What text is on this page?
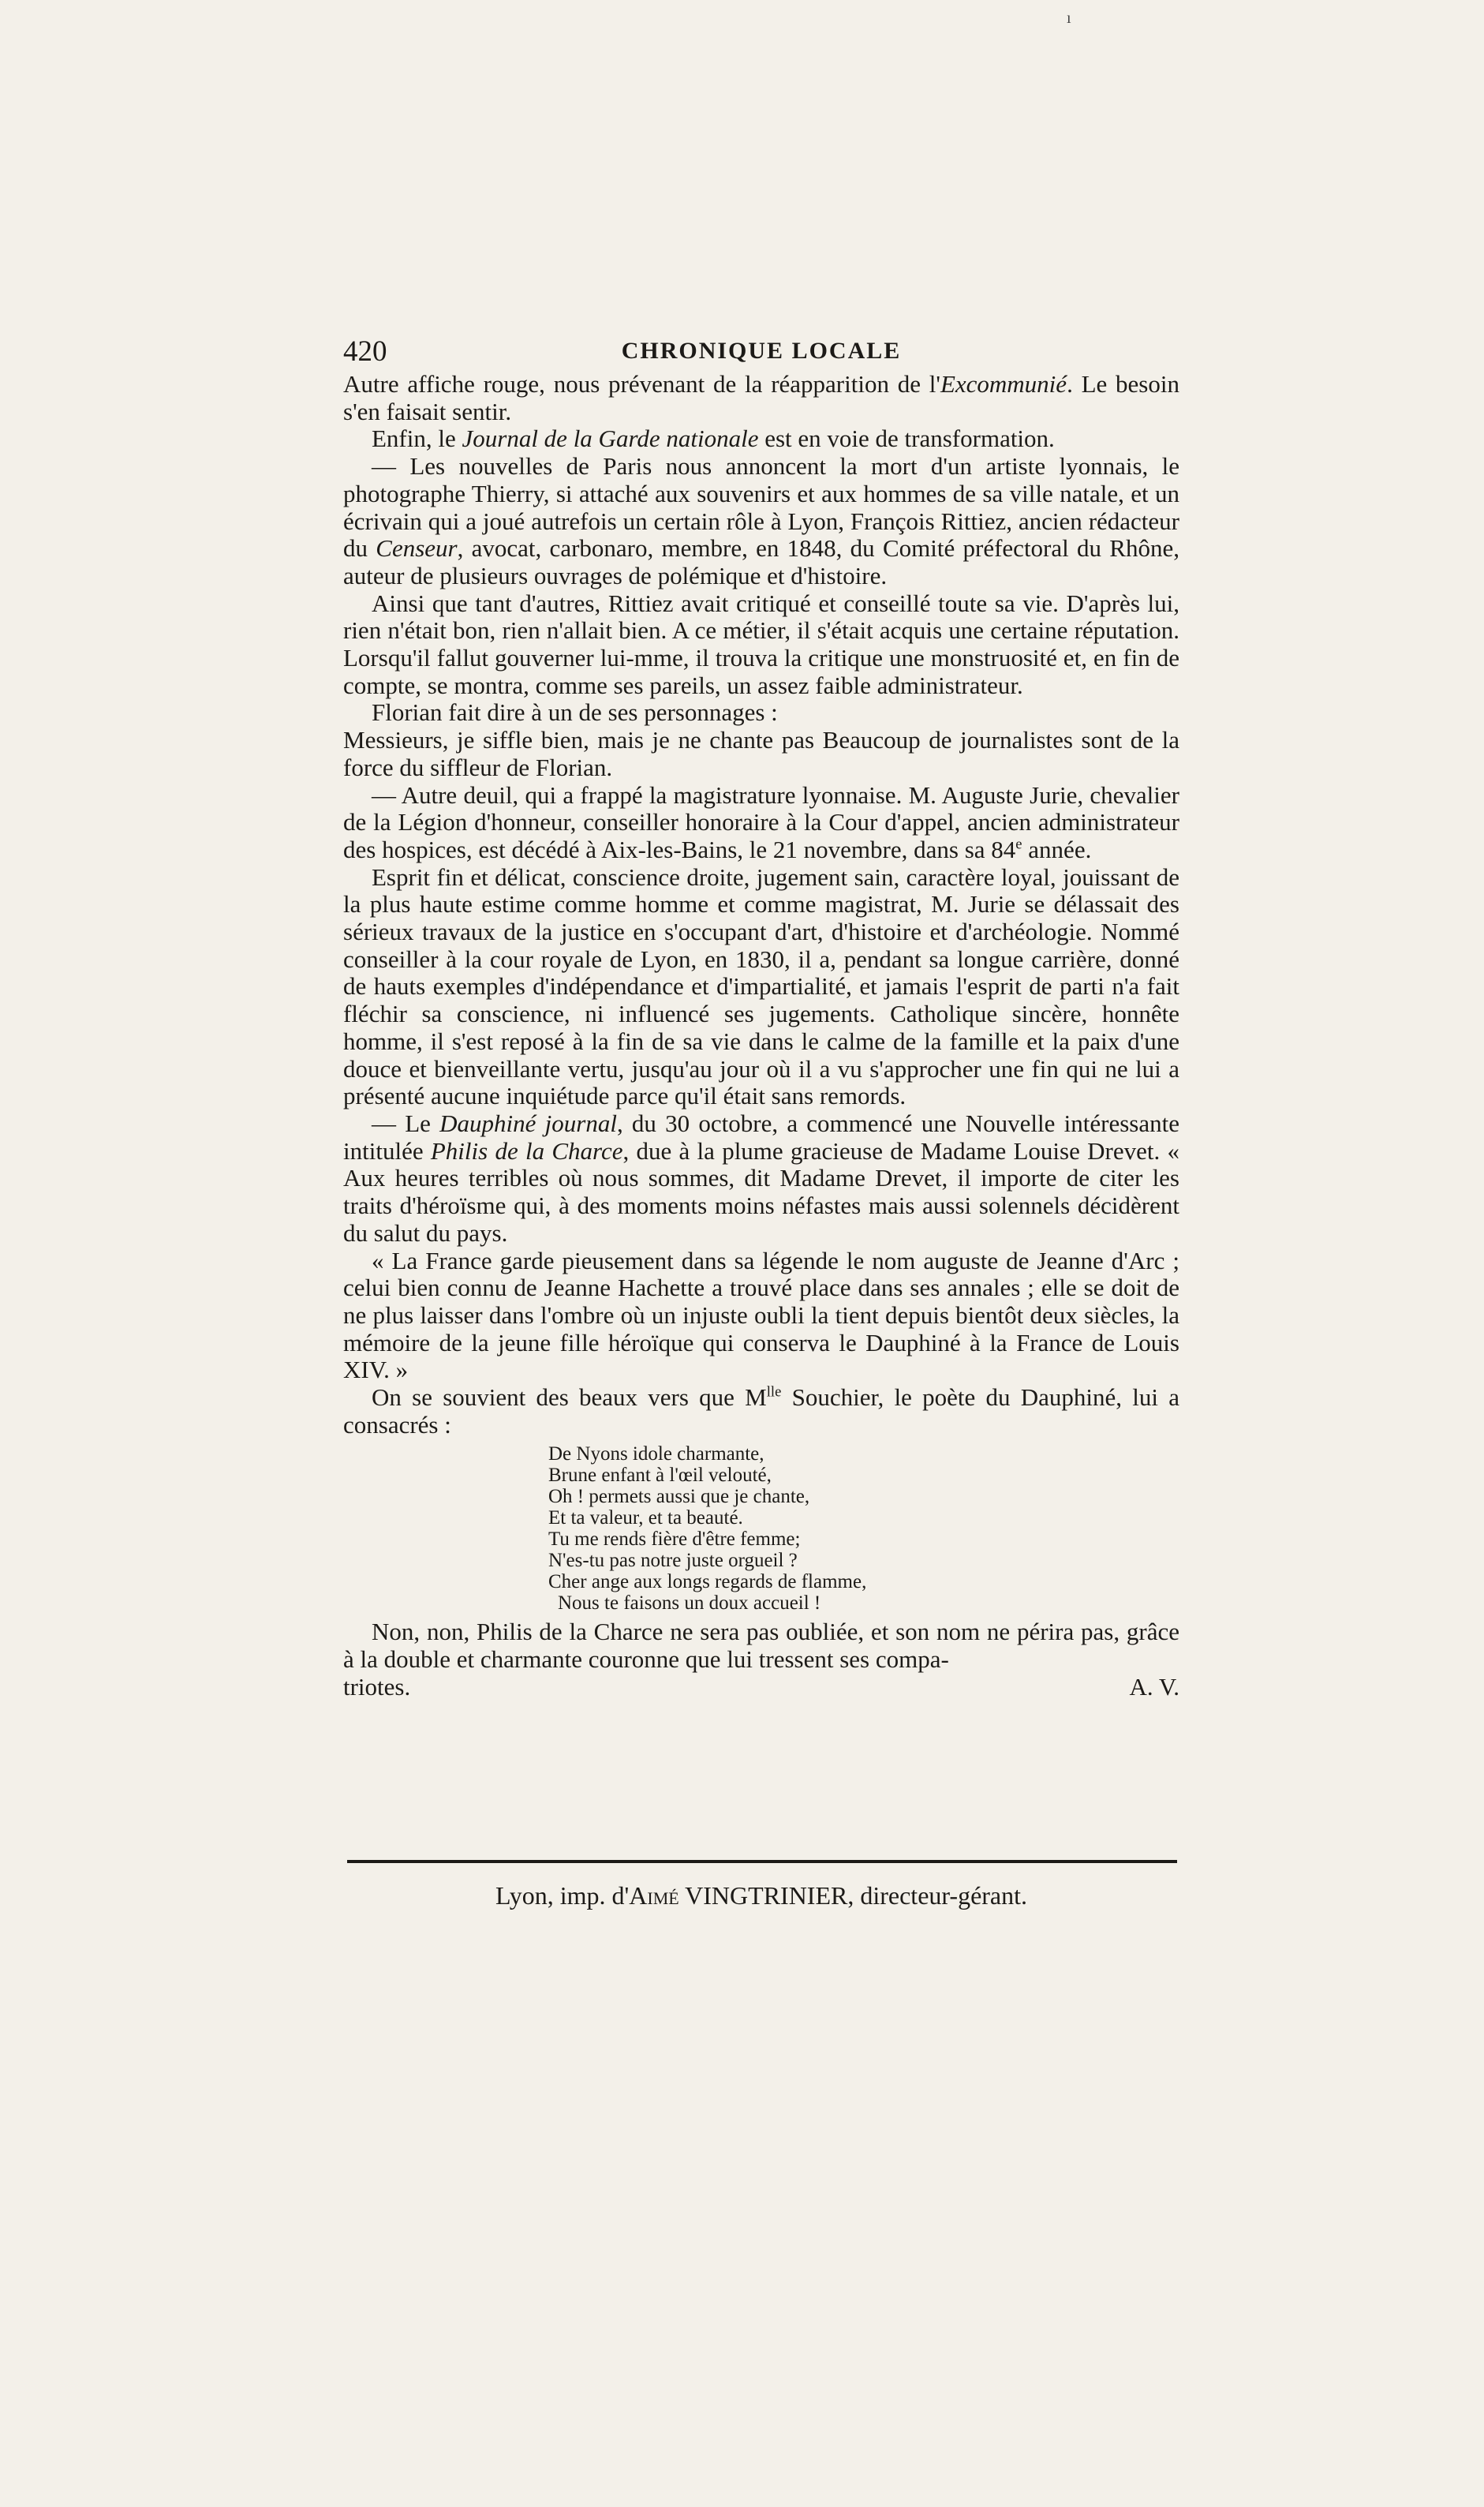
ı
420	CHRONIQUE LOCALE

Autre affiche rouge, nous prévenant de la réapparition de l'Excommunié. Le besoin s'en faisait sentir.

Enfin, le Journal de la Garde nationale est en voie de transformation.

— Les nouvelles de Paris nous annoncent la mort d'un artiste lyonnais, le photographe Thierry, si attaché aux souvenirs et aux hommes de sa ville natale, et un écrivain qui a joué autrefois un certain rôle à Lyon, François Rittiez, ancien rédacteur du Censeur, avocat, carbonaro, membre, en 1848, du Comité préfectoral du Rhône, auteur de plusieurs ouvrages de polémique et d'histoire.

Ainsi que tant d'autres, Rittiez avait critiqué et conseillé toute sa vie. D'après lui, rien n'était bon, rien n'allait bien. A ce métier, il s'était acquis une certaine réputation. Lorsqu'il fallut gouverner lui-mme, il trouva la critique une monstruosité et, en fin de compte, se montra, comme ses pareils, un assez faible administrateur.

Florian fait dire à un de ses personnages :

Messieurs, je siffle bien, mais je ne chante pas Beaucoup de journalistes sont de la force du siffleur de Florian.

— Autre deuil, qui a frappé la magistrature lyonnaise. M. Auguste Jurie, chevalier de la Légion d'honneur, conseiller honoraire à la Cour d'appel, ancien administrateur des hospices, est décédé à Aix-les-Bains, le 21 novembre, dans sa 84e année.

Esprit fin et délicat, conscience droite, jugement sain, caractère loyal, jouissant de la plus haute estime comme homme et comme magistrat, M. Jurie se délassait des sérieux travaux de la justice en s'occupant d'art, d'histoire et d'archéologie. Nommé conseiller à la cour royale de Lyon, en 1830, il a, pendant sa longue carrière, donné de hauts exemples d'indépendance et d'impartialité, et jamais l'esprit de parti n'a fait fléchir sa conscience, ni influencé ses jugements. Catholique sincère, honnête homme, il s'est reposé à la fin de sa vie dans le calme de la famille et la paix d'une douce et bienveillante vertu, jusqu'au jour où il a vu s'approcher une fin qui ne lui a présenté aucune inquiétude parce qu'il était sans remords.

— Le Dauphiné journal, du 30 octobre, a commencé une Nouvelle intéressante intitulée Philis de la Charce, due à la plume gracieuse de Madame Louise Drevet. « Aux heures terribles où nous sommes, dit Madame Drevet, il importe de citer les traits d'héroïsme qui, à des moments moins néfastes mais aussi solennels décidèrent du salut du pays.

« La France garde pieusement dans sa légende le nom auguste de Jeanne d'Arc ; celui bien connu de Jeanne Hachette a trouvé place dans ses annales ; elle se doit de ne plus laisser dans l'ombre où un injuste oubli la tient depuis bientôt deux siècles, la mémoire de la jeune fille héroïque qui conserva le Dauphiné à la France de Louis XIV. »

On se souvient des beaux vers que $M^{lle}$ Souchier, le poète du Dauphiné, lui a consacrés :

De Nyons idole charmante,
Brune enfant à l'œil velouté,
Oh ! permets aussi que je chante,
Et ta valeur, et ta beauté.
Tu me rends fière d'être femme;
N'es-tu pas notre juste orgueil ?
Cher ange aux longs regards de flamme,
Nous te faisons un doux accueil !

Non, non, Philis de la Charce ne sera pas oubliée, et son nom ne périra pas, grâce à la double et charmante couronne que lui tressent ses compa-

triotes.	A. V.

Lyon, imp. d'Aimé VINGTRINIER, directeur-gérant.
